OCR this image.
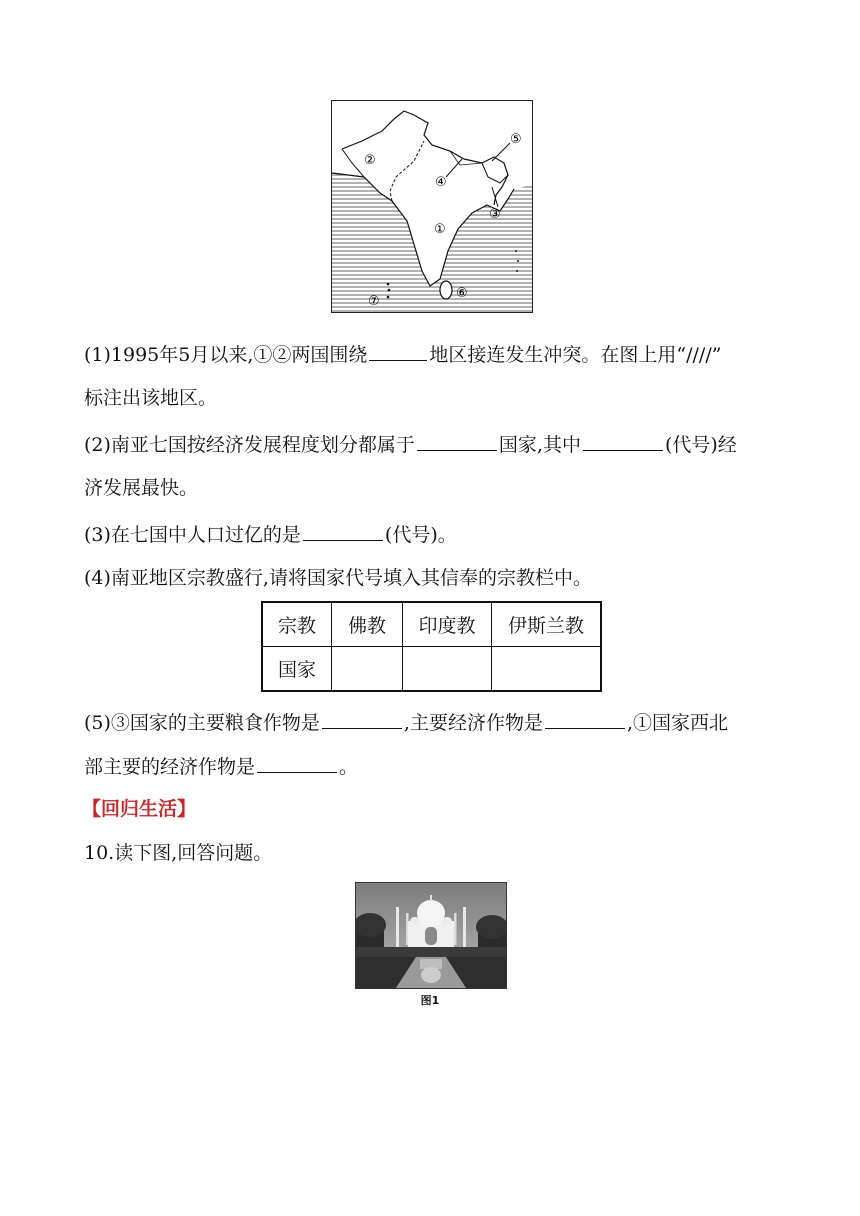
①
②
③
④
⑤
⑥
⑦
(1)1995年5月以来,①②两国围绕	地区接连发生冲突。在图上用“////”
标注出该地区。
(2)南亚七国按经济发展程度划分都属于	国家,其中	(代号)经
济发展最快。
(3)在七国中人口过亿的是	(代号)。
(4)南亚地区宗教盛行,请将国家代号填入其信奉的宗教栏中。
宗教	佛教	印度教	伊斯兰教
国家			
(5)③国家的主要粮食作物是	,主要经济作物是	,①国家西北
部主要的经济作物是	。
【回归生活】
10.读下图,回答问题。
图1
